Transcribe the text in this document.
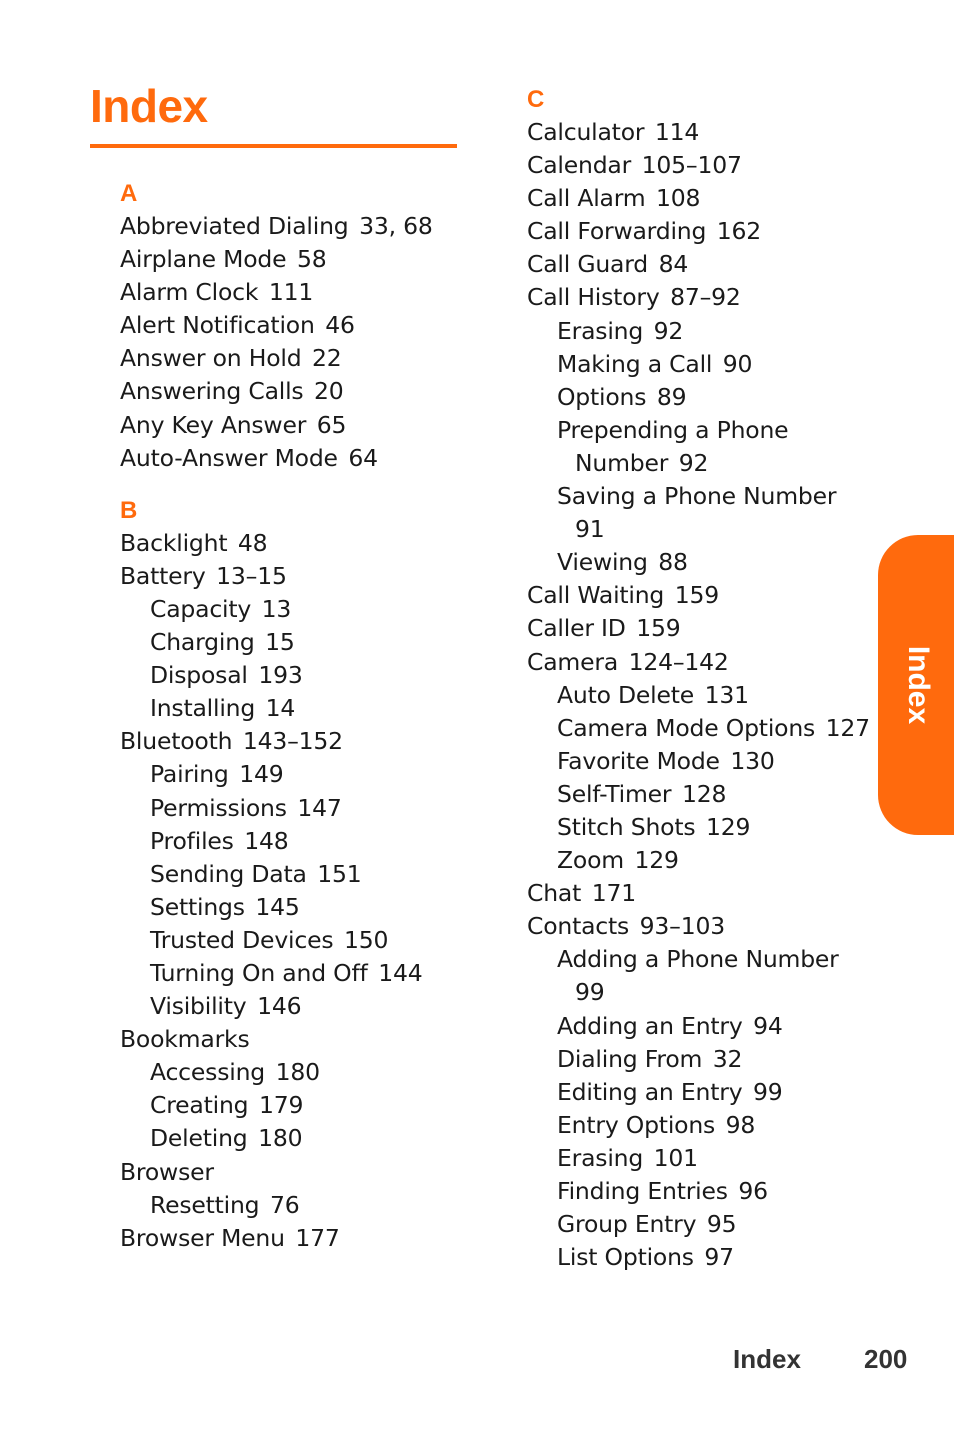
Index
A
Abbreviated Dialing 33, 68
Airplane Mode 58
Alarm Clock 111
Alert Notification 46
Answer on Hold 22
Answering Calls 20
Any Key Answer 65
Auto-Answer Mode 64
B
Backlight 48
Battery 13–15
Capacity 13
Charging 15
Disposal 193
Installing 14
Bluetooth 143–152
Pairing 149
Permissions 147
Profiles 148
Sending Data 151
Settings 145
Trusted Devices 150
Turning On and Off 144
Visibility 146
Bookmarks
Accessing 180
Creating 179
Deleting 180
Browser
Resetting 76
Browser Menu 177
C
Calculator 114
Calendar 105–107
Call Alarm 108
Call Forwarding 162
Call Guard 84
Call History 87–92
Erasing 92
Making a Call 90
Options 89
Prepending a Phone
Number 92
Saving a Phone Number
91
Viewing 88
Call Waiting 159
Caller ID 159
Camera 124–142
Auto Delete 131
Camera Mode Options 127
Favorite Mode 130
Self-Timer 128
Stitch Shots 129
Zoom 129
Chat 171
Contacts 93–103
Adding a Phone Number
99
Adding an Entry 94
Dialing From 32
Editing an Entry 99
Entry Options 98
Erasing 101
Finding Entries 96
Group Entry 95
List Options 97
Index
Index 200
